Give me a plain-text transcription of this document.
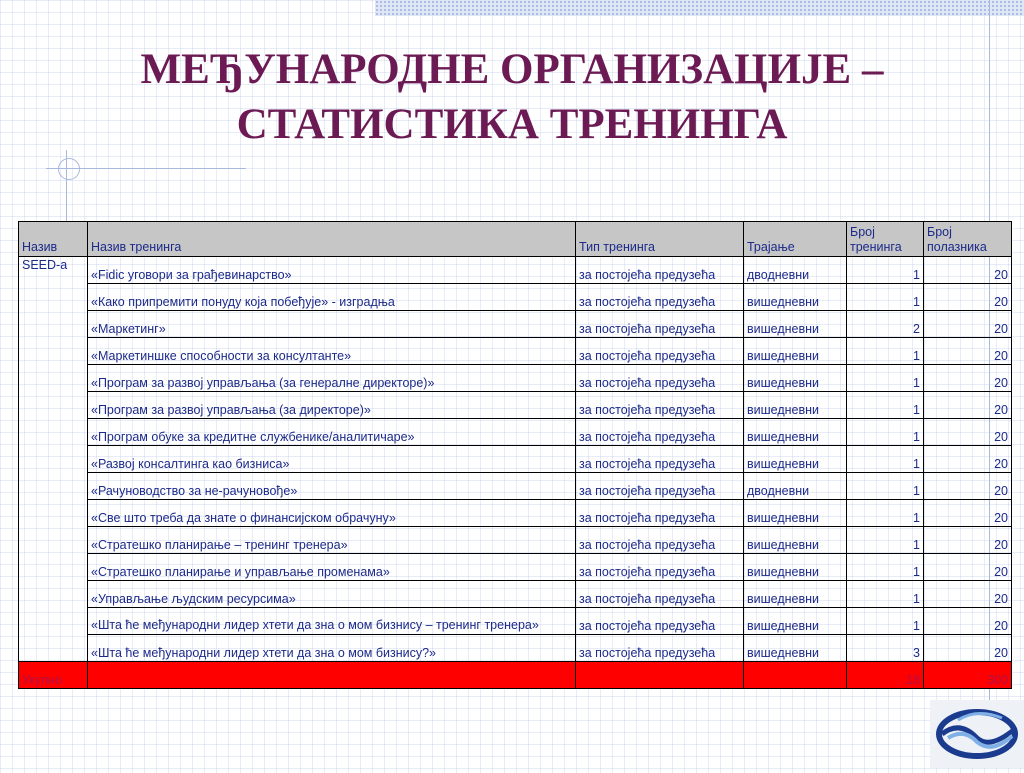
МЕЂУНАРОДНЕ ОРГАНИЗАЦИЈЕ –
СТАТИСТИКА ТРЕНИНГА
Назив	Назив тренинга	Тип тренинга	Трајање	Број тренинга	Број полазника
SEED-a	«Fidic уговори за грађевинарство»	за постојећа предузећа	дводневни	1	20
	«Како припремити понуду која побеђује» - изградња	за постојећа предузећа	вишедневни	1	20
	«Маркетинг»	за постојећа предузећа	вишедневни	2	20
	«Маркетиншке способности за консултанте»	за постојећа предузећа	вишедневни	1	20
	«Програм за развој управљања (за генералне директоре)»	за постојећа предузећа	вишедневни	1	20
	«Програм за развој управљања (за директоре)»	за постојећа предузећа	вишедневни	1	20
	«Програм обуке за кредитне службенике/аналитичаре»	за постојећа предузећа	вишедневни	1	20
	«Развој консалтинга као бизниса»	за постојећа предузећа	вишедневни	1	20
	«Рачуноводство за не-рачуновође»	за постојећа предузећа	дводневни	1	20
	«Све што треба да знате о финансијском обрачуну»	за постојећа предузећа	вишедневни	1	20
	«Стратешко планирање – тренинг тренера»	за постојећа предузећа	вишедневни	1	20
	«Стратешко планирање и управљање променама»	за постојећа предузећа	вишедневни	1	20
	«Управљање људским ресурсима»	за постојећа предузећа	вишедневни	1	20
	«Шта ће међународни лидер хтети да зна о мом бизнису – тренинг тренера»	за постојећа предузећа	вишедневни	1	20
	«Шта ће међународни лидер хтети да зна о мом бизнису?»	за постојећа предузећа	вишедневни	3	20
Укупно				18	300
